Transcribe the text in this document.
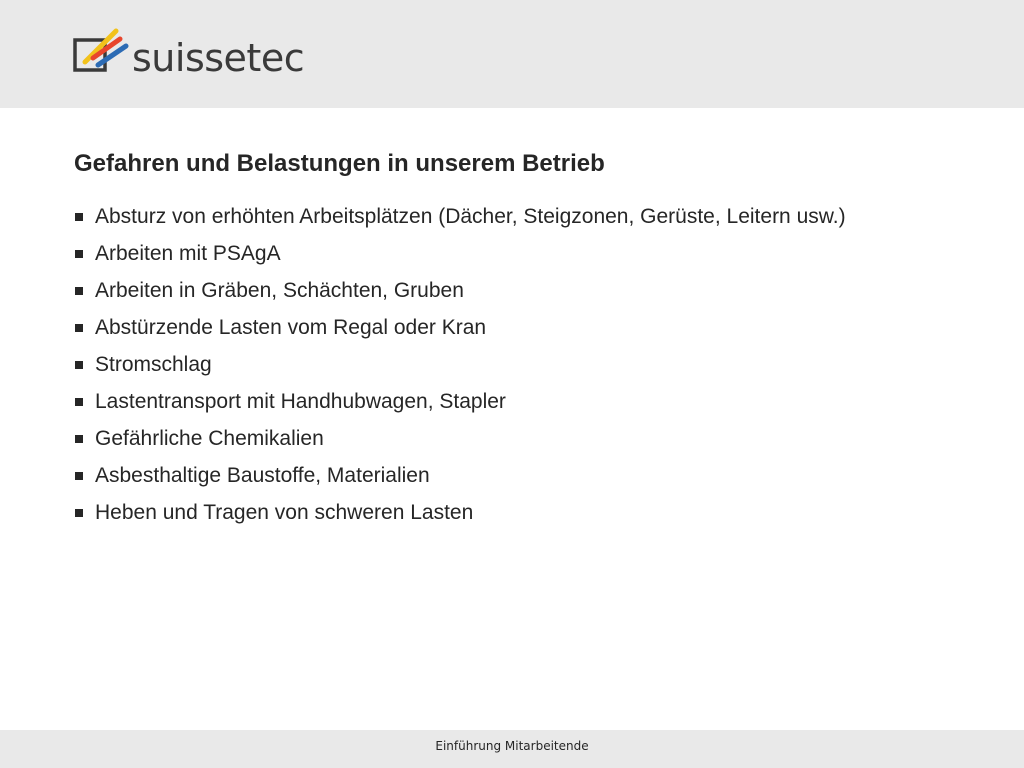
suissetec
Gefahren und Belastungen in unserem Betrieb
Absturz von erhöhten Arbeitsplätzen (Dächer, Steigzonen, Gerüste, Leitern usw.)
Arbeiten mit PSAgA
Arbeiten in Gräben, Schächten, Gruben
Abstürzende Lasten vom Regal oder Kran
Stromschlag
Lastentransport mit Handhubwagen, Stapler
Gefährliche Chemikalien
Asbesthaltige Baustoffe, Materialien
Heben und Tragen von schweren Lasten
Einführung Mitarbeitende
